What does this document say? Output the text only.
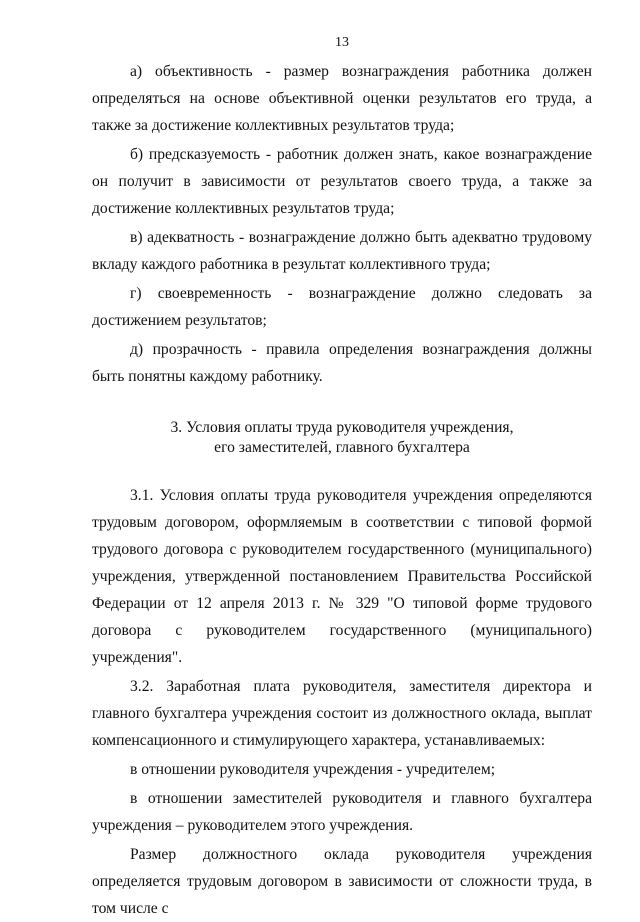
13

а) объективность - размер вознаграждения работника должен определяться на основе объективной оценки результатов его труда, а также за достижение коллективных результатов труда;

б) предсказуемость - работник должен знать, какое вознаграждение он получит в зависимости от результатов своего труда, а также за достижение коллективных результатов труда;

в) адекватность - вознаграждение должно быть адекватно трудовому вкладу каждого работника в результат коллективного труда;

г) своевременность - вознаграждение должно следовать за достижением результатов;

д) прозрачность - правила определения вознаграждения должны быть понятны каждому работнику.

3. Условия оплаты труда руководителя учреждения,
его заместителей, главного бухгалтера

3.1. Условия оплаты труда руководителя учреждения определяются трудовым договором, оформляемым в соответствии с типовой формой трудового договора с руководителем государственного (муниципального) учреждения, утвержденной постановлением Правительства Российской Федерации от 12 апреля 2013 г. № 329 "О типовой форме трудового договора с руководителем государственного (муниципального) учреждения".

3.2. Заработная плата руководителя, заместителя директора и главного бухгалтера учреждения состоит из должностного оклада, выплат компенсационного и стимулирующего характера, устанавливаемых:

в отношении руководителя учреждения - учредителем;

в отношении заместителей руководителя и главного бухгалтера учреждения – руководителем этого учреждения.

Размер должностного оклада руководителя учреждения определяется трудовым договором в зависимости от сложности труда, в том числе с
